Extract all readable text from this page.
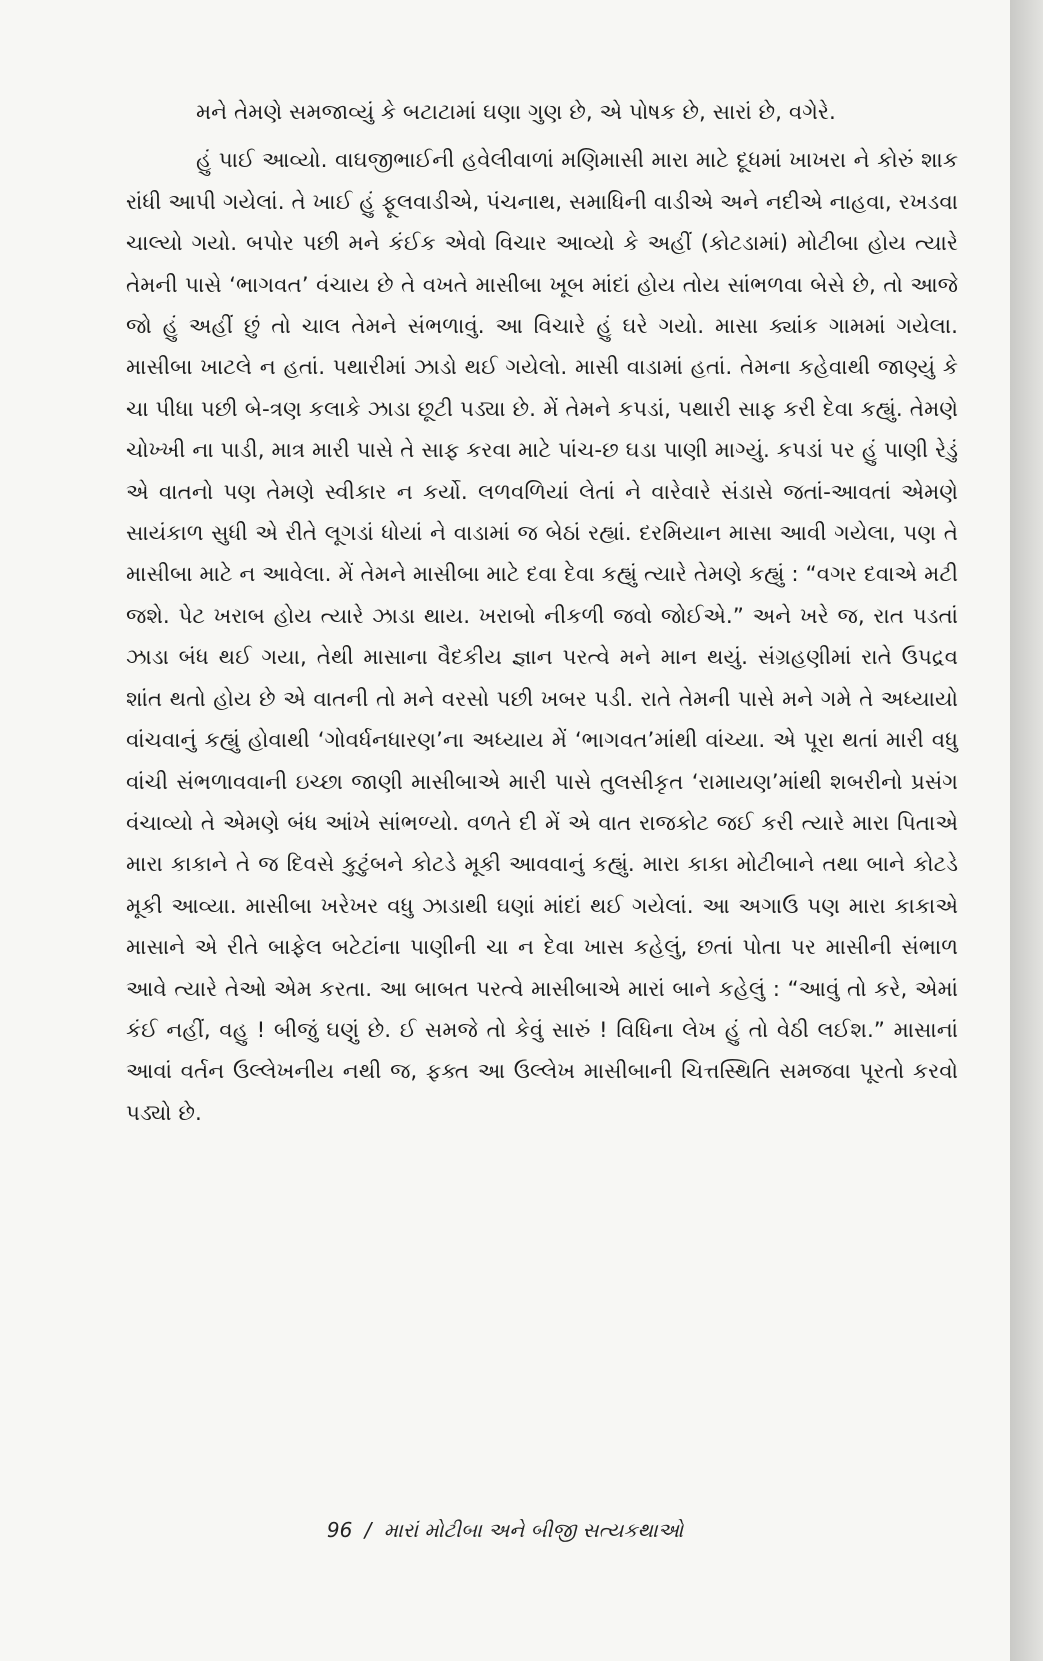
મને તેમણે સમજાવ્યું કે બટાટામાં ઘણા ગુણ છે, એ પોષક છે, સારાં છે, વગેરે.

હું પાઈ આવ્યો. વાઘજીભાઈની હવેલીવાળાં મણિમાસી મારા માટે દૂધમાં ખાખરા ને કોરું શાક રાંધી આપી ગયેલાં. તે ખાઈ હું ફૂલવાડીએ, પંચનાથ, સમાધિની વાડીએ અને નદીએ નાહવા, રખડવા ચાલ્યો ગયો. બપોર પછી મને કંઈક એવો વિચાર આવ્યો કે અહીં (કોટડામાં) મોટીબા હોય ત્યારે તેમની પાસે ‘ભાગવત’ વંચાય છે તે વખતે માસીબા ખૂબ માંદાં હોય તોય સાંભળવા બેસે છે, તો આજે જો હું અહીં છું તો ચાલ તેમને સંભળાવું. આ વિચારે હું ઘરે ગયો. માસા ક્યાંક ગામમાં ગયેલા. માસીબા ખાટલે ન હતાં. પથારીમાં ઝાડો થઈ ગયેલો. માસી વાડામાં હતાં. તેમના કહેવાથી જાણ્યું કે ચા પીધા પછી બે-ત્રણ કલાકે ઝાડા છૂટી પડ્યા છે. મેં તેમને કપડાં, પથારી સાફ કરી દેવા કહ્યું. તેમણે ચોખ્ખી ના પાડી, માત્ર મારી પાસે તે સાફ કરવા માટે પાંચ-છ ઘડા પાણી માગ્યું. કપડાં પર હું પાણી રેડું એ વાતનો પણ તેમણે સ્વીકાર ન કર્યો. લળવળિયાં લેતાં ને વારેવારે સંડાસે જતાં-આવતાં એમણે સાયંકાળ સુધી એ રીતે લૂગડાં ધોયાં ને વાડામાં જ બેઠાં રહ્યાં. દરમિયાન માસા આવી ગયેલા, પણ તે માસીબા માટે ન આવેલા. મેં તેમને માસીબા માટે દવા દેવા કહ્યું ત્યારે તેમણે કહ્યું : “વગર દવાએ મટી જશે. પેટ ખરાબ હોય ત્યારે ઝાડા થાય. ખરાબો નીકળી જવો જોઈએ.” અને ખરે જ, રાત પડતાં ઝાડા બંધ થઈ ગયા, તેથી માસાના વૈદકીય જ્ઞાન પરત્વે મને માન થયું. સંગ્રહણીમાં રાતે ઉપદ્રવ શાંત થતો હોય છે એ વાતની તો મને વરસો પછી ખબર પડી. રાતે તેમની પાસે મને ગમે તે અધ્યાયો વાંચવાનું કહ્યું હોવાથી ‘ગોવર્ધનધારણ’ના અધ્યાય મેં ‘ભાગવત’માંથી વાંચ્યા. એ પૂરા થતાં મારી વધુ વાંચી સંભળાવવાની ઇચ્છા જાણી માસીબાએ મારી પાસે તુલસીકૃત ‘રામાયણ’માંથી શબરીનો પ્રસંગ વંચાવ્યો તે એમણે બંધ આંખે સાંભળ્યો. વળતે દી મેં એ વાત રાજકોટ જઈ કરી ત્યારે મારા પિતાએ મારા કાકાને તે જ દિવસે કુટુંબને કોટડે મૂકી આવવાનું કહ્યું. મારા કાકા મોટીબાને તથા બાને કોટડે મૂકી આવ્યા. માસીબા ખરેખર વધુ ઝાડાથી ઘણાં માંદાં થઈ ગયેલાં. આ અગાઉ પણ મારા કાકાએ માસાને એ રીતે બાફેલ બટેટાંના પાણીની ચા ન દેવા ખાસ કહેલું, છતાં પોતા પર માસીની સંભાળ આવે ત્યારે તેઓ એમ કરતા. આ બાબત પરત્વે માસીબાએ મારાં બાને કહેલું : “આવું તો કરે, એમાં કંઈ નહીં, વહુ ! બીજું ઘણું છે. ઈ સમજે તો કેવું સારું ! વિધિના લેખ હું તો વેઠી લઈશ.” માસાનાં આવાં વર્તન ઉલ્લેખનીય નથી જ, ફક્ત આ ઉલ્લેખ માસીબાની ચિત્તસ્થિતિ સમજવા પૂરતો કરવો પડ્યો છે.

96 / મારાં મોટીબા અને બીજી સત્યકથાઓ
